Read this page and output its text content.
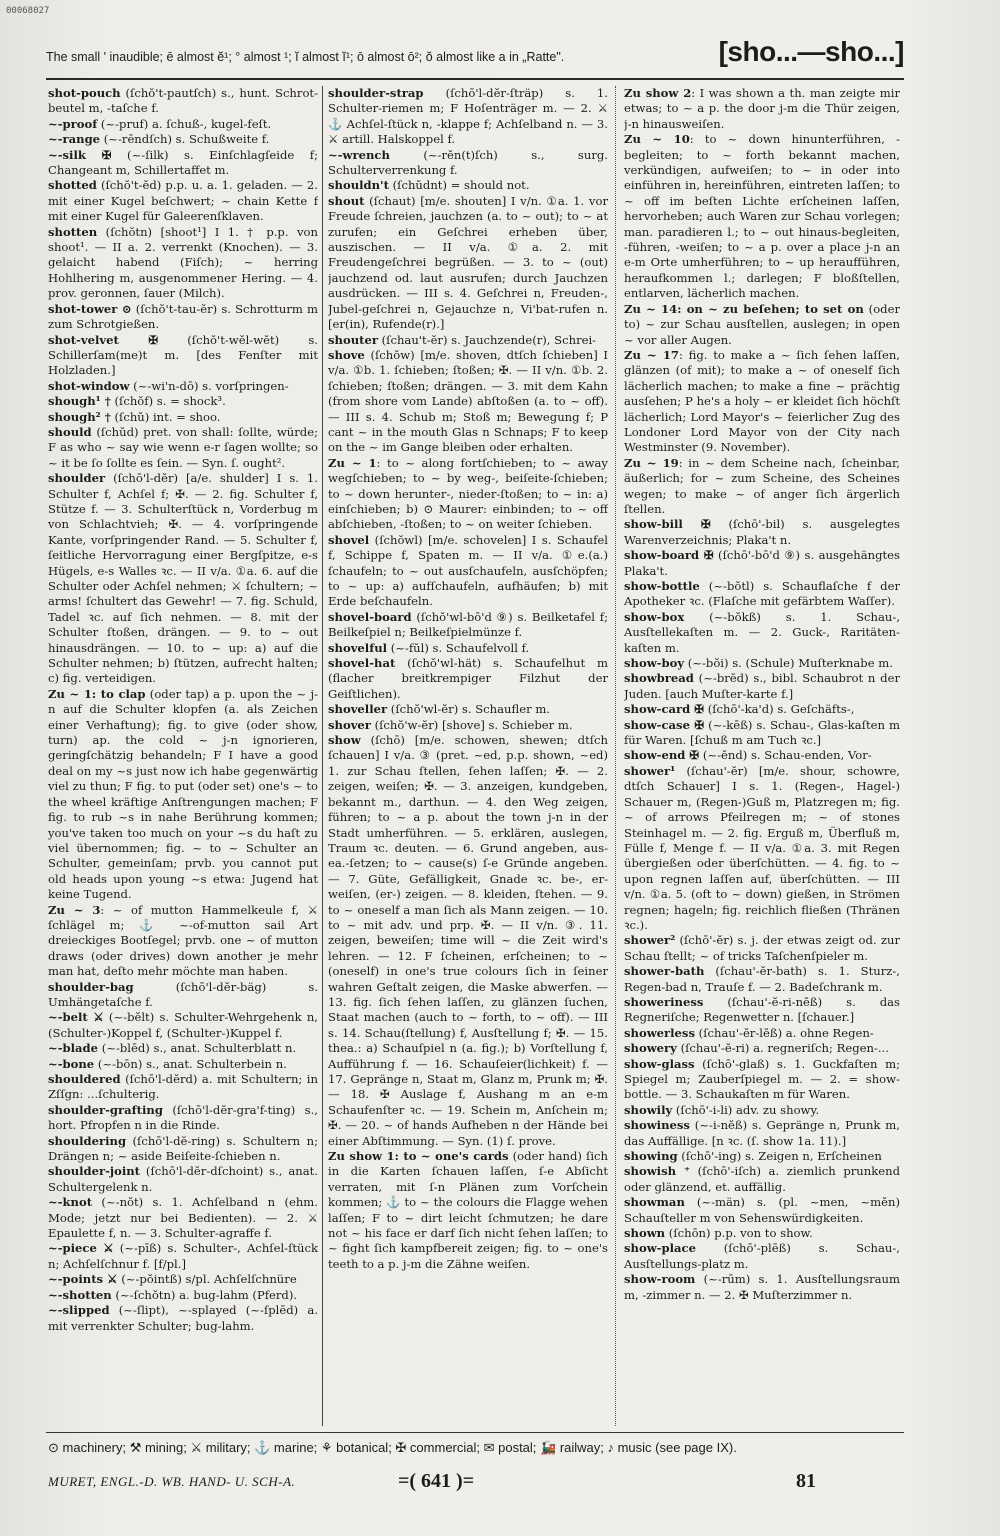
00068027
The small ' inaudible; ē almost ĕ¹; ° almost ¹; ĭ almost ĭ¹; ō almost ō²; ŏ almost like a in „Ratte".	[sho...—sho...]

shot-pouch (ſchŏ't-pautſch) s., hunt. Schrot-beutel m, -taſche f.

~-proof (~-pruf) a. ſchuß-, kugel-feſt.

~-range (~-rēndſch) s. Schußweite f.

~-silk ✠ (~-ſilk) s. Einſchlagſeide f; Changeant m, Schillertaffet m.

shotted (ſchŏ't-ĕd) p.p. u. a. 1. geladen. — 2. mit einer Kugel beſchwert; ~ chain Kette f mit einer Kugel für Galeerenſklaven.

shotten (ſchŏtn) [shoot¹] I 1. † p.p. von shoot¹. — II a. 2. verrenkt (Knochen). — 3. gelaicht habend (Fiſch); ~ herring Hohlhering m, ausgenommener Hering. — 4. prov. geronnen, ſauer (Milch).

shot-tower ⊙ (ſchŏ't-tau-ĕr) s. Schrotturm m zum Schrotgießen.

shot-velvet ✠ (ſchŏ't-wĕl-wĕt) s. Schillerſam(me)t m. [des Fenſter mit Holzladen.]

shot-window (~-wi'n-dō) s. vorſpringen-

shough¹ † (ſchŏf) s. = shock³.

shough² † (ſchŭ) int. = shoo.

should (ſchŭd) pret. von shall: ſollte, würde; F as who ~ say wie wenn e-r ſagen wollte; so ~ it be ſo ſollte es ſein. — Syn. ſ. ought².

shoulder (ſchō'l-dĕr) [a/e. shulder] I s. 1. Schulter f, Achſel f; ✠. — 2. fig. Schulter f, Stütze f. — 3. Schulterſtück n, Vorderbug m von Schlachtvieh; ✠. — 4. vorſpringende Kante, vorſpringender Rand. — 5. Schulter f, ſeitliche Hervorragung einer Bergſpitze, e-s Hügels, e-s Walles ꝛc. — II v/a. ①a. 6. auf die Schulter oder Achſel nehmen; ⚔ ſchultern; ~ arms! ſchultert das Gewehr! — 7. fig. Schuld, Tadel ꝛc. auf ſich nehmen. — 8. mit der Schulter ſtoßen, drängen. — 9. to ~ out hinausdrängen. — 10. to ~ up: a) auf die Schulter nehmen; b) ſtützen, aufrecht halten; c) fig. verteidigen.

Zu ~ 1: to clap (oder tap) a p. upon the ~ j-n auf die Schulter klopfen (a. als Zeichen einer Verhaftung); fig. to give (oder show, turn) ap. the cold ~ j-n ignorieren, geringſchätzig behandeln; F I have a good deal on my ~s just now ich habe gegenwärtig viel zu thun; F fig. to put (oder set) one's ~ to the wheel kräftige Anſtrengungen machen; F fig. to rub ~s in nahe Berührung kommen; you've taken too much on your ~s du haſt zu viel übernommen; fig. ~ to ~ Schulter an Schulter, gemeinſam; prvb. you cannot put old heads upon young ~s etwa: Jugend hat keine Tugend.

Zu ~ 3: ~ of mutton Hammelkeule f, ⚔ ſchlägel m; ⚓ ~-of-mutton sail Art dreieckiges Bootſegel; prvb. one ~ of mutton draws (oder drives) down another je mehr man hat, deſto mehr möchte man haben.

shoulder-bag (ſchō'l-dĕr-bäg) s. Umhängetaſche f.

~-belt ⚔ (~-bĕlt) s. Schulter-Wehrgehenk n, (Schulter-)Koppel f, (Schulter-)Kuppel f.

~-blade (~-blēd) s., anat. Schulterblatt n.

~-bone (~-bōn) s., anat. Schulterbein n.

shouldered (ſchō'l-dĕrd) a. mit Schultern; in Zſſgn: ...ſchulterig.

shoulder-grafting (ſchō'l-dĕr-gra'f-ting) s., hort. Pfropfen n in die Rinde.

shouldering (ſchō'l-dĕ-ring) s. Schultern n; Drängen n; ~ aside Beiſeite-ſchieben n.

shoulder-joint (ſchō'l-dĕr-dſchoint) s., anat. Schultergelenk n.

~-knot (~-nŏt) s. 1. Achſelband n (ehm. Mode; jetzt nur bei Bedienten). — 2. ⚔ Epaulette f, n. — 3. Schulter-agraffe f.

~-piece ⚔ (~-pīß) s. Schulter-, Achſel-ſtück n; Achſelſchnur f. [f/pl.]

~-points ⚔ (~-pŏintß) s/pl. Achſelſchnüre

~-shotten (~-ſchŏtn) a. bug-lahm (Pferd).

~-slipped (~-ſlipt), ~-splayed (~-ſplēd) a. mit verrenkter Schulter; bug-lahm.

shoulder-strap (ſchō'l-dĕr-ſträp) s. 1. Schulter-riemen m; F Hoſenträger m. — 2. ⚔ ⚓ Achſel-ſtück n, -klappe f; Achſelband n. — 3. ⚔ artill. Halskoppel f.

~-wrench (~-rĕn(t)ſch) s., surg. Schulterverrenkung f.

shouldn't (ſchŭdnt) = should not.

shout (ſchaut) [m/e. shouten] I v/n. ①a. 1. vor Freude ſchreien, jauchzen (a. to ~ out); to ~ at zurufen; ein Geſchrei erheben über, auszischen. — II v/a. ①a. 2. mit Freudengeſchrei begrüßen. — 3. to ~ (out) jauchzend od. laut ausrufen; durch Jauchzen ausdrücken. — III s. 4. Geſchrei n, Freuden-, Jubel-geſchrei n, Gejauchze n, Vi'bat-rufen n. [er(in), Rufende(r).]

shouter (ſchau't-ĕr) s. Jauchzende(r), Schrei-

shove (ſchŏw) [m/e. shoven, dtſch ſchieben] I v/a. ①b. 1. ſchieben; ſtoßen; ✠. — II v/n. ①b. 2. ſchieben; ſtoßen; drängen. — 3. mit dem Kahn (from shore vom Lande) abſtoßen (a. to ~ off). — III s. 4. Schub m; Stoß m; Bewegung f; P cant ~ in the mouth Glas n Schnaps; F to keep on the ~ im Gange bleiben oder erhalten.

Zu ~ 1: to ~ along fortſchieben; to ~ away wegſchieben; to ~ by weg-, beiſeite-ſchieben; to ~ down herunter-, nieder-ſtoßen; to ~ in: a) einſchieben; b) ⊙ Maurer: einbinden; to ~ off abſchieben, -ſtoßen; to ~ on weiter ſchieben.

shovel (ſchŏwl) [m/e. schovelen] I s. Schaufel f, Schippe f, Spaten m. — II v/a. ①e.(a.) ſchaufeln; to ~ out ausſchaufeln, ausſchöpfen; to ~ up: a) aufſchaufeln, aufhäufen; b) mit Erde beſchaufeln.

shovel-board (ſchŏ'wl-bō'd ⑨) s. Beilketafel f; Beilkeſpiel n; Beilkeſpielmünze f.

shovelful (~-fŭl) s. Schaufelvoll f.

shovel-hat (ſchŏ'wl-hät) s. Schaufelhut m (flacher breitkrempiger Filzhut der Geiſtlichen).

shoveller (ſchŏ'wl-ĕr) s. Schaufler m.

shover (ſchŏ'w-ĕr) [shove] s. Schieber m.

show (ſchō) [m/e. schowen, shewen; dtſch ſchauen] I v/a. ③ (pret. ~ed, p.p. shown, ~ed) 1. zur Schau ſtellen, ſehen laſſen; ✠. — 2. zeigen, weiſen; ✠. — 3. anzeigen, kundgeben, bekannt m., darthun. — 4. den Weg zeigen, führen; to ~ a p. about the town j-n in der Stadt umherführen. — 5. erklären, auslegen, Traum ꝛc. deuten. — 6. Grund angeben, aus-ea.-ſetzen; to ~ cause(s) ſ-e Gründe angeben. — 7. Güte, Gefälligkeit, Gnade ꝛc. be-, er-weiſen, (er-) zeigen. — 8. kleiden, ſtehen. — 9. to ~ oneself a man ſich als Mann zeigen. — 10. to ~ mit adv. und prp. ✠. — II v/n. ③. 11. zeigen, beweiſen; time will ~ die Zeit wird's lehren. — 12. F ſcheinen, erſcheinen; to ~ (oneself) in one's true colours ſich in ſeiner wahren Geſtalt zeigen, die Maske abwerfen. — 13. fig. ſich ſehen laſſen, zu glänzen ſuchen, Staat machen (auch to ~ forth, to ~ off). — III s. 14. Schau(ſtellung) f, Ausſtellung f; ✠. — 15. thea.: a) Schauſpiel n (a. fig.); b) Vorſtellung f, Aufführung f. — 16. Schauſeier(lichkeit) f. — 17. Gepränge n, Staat m, Glanz m, Prunk m; ✠. — 18. ✠ Auslage f, Aushang m an e-m Schaufenſter ꝛc. — 19. Schein m, Anſchein m; ✠. — 20. ~ of hands Aufheben n der Hände bei einer Abſtimmung. — Syn. (1) ſ. prove.

Zu show 1: to ~ one's cards (oder hand) ſich in die Karten ſchauen laſſen, ſ-e Abſicht verraten, mit ſ-n Plänen zum Vorſchein kommen; ⚓ to ~ the colours die Flagge wehen laſſen; F to ~ dirt leicht ſchmutzen; he dare not ~ his face er darf ſich nicht ſehen laſſen; to ~ fight ſich kampfbereit zeigen; fig. to ~ one's teeth to a p. j-m die Zähne weiſen.

Zu show 2: I was shown a th. man zeigte mir etwas; to ~ a p. the door j-m die Thür zeigen, j-n hinausweiſen.

Zu ~ 10: to ~ down hinunterführen, -begleiten; to ~ forth bekannt machen, verkündigen, aufweiſen; to ~ in oder into einführen in, hereinführen, eintreten laſſen; to ~ off im beſten Lichte erſcheinen laſſen, hervorheben; auch Waren zur Schau vorlegen; man. paradieren l.; to ~ out hinaus-begleiten, -führen, -weiſen; to ~ a p. over a place j-n an e-m Orte umherführen; to ~ up heraufführen, heraufkommen l.; darlegen; F bloßſtellen, entlarven, lächerlich machen.

Zu ~ 14: on ~ zu beſehen; to set on (oder to) ~ zur Schau ausſtellen, auslegen; in open ~ vor aller Augen.

Zu ~ 17: fig. to make a ~ ſich ſehen laſſen, glänzen (of mit); to make a ~ of oneself ſich lächerlich machen; to make a fine ~ prächtig ausſehen; P he's a holy ~ er kleidet ſich höchſt lächerlich; Lord Mayor's ~ feierlicher Zug des Londoner Lord Mayor von der City nach Westminster (9. November).

Zu ~ 19: in ~ dem Scheine nach, ſcheinbar, äußerlich; for ~ zum Scheine, des Scheines wegen; to make ~ of anger ſich ärgerlich ſtellen.

show-bill ✠ (ſchō'-bil) s. ausgelegtes Warenverzeichnis; Plaka't n.

show-board ✠ (ſchō'-bō'd ⑨) s. ausgehängtes Plaka't.

show-bottle (~-bŏtl) s. Schauflaſche f der Apotheker ꝛc. (Flaſche mit gefärbtem Waſſer).

show-box (~-bŏkß) s. 1. Schau-, Ausſtellekaſten m. — 2. Guck-, Raritäten-kaſten m.

show-boy (~-bŏi) s. (Schule) Muſterknabe m.

showbread (~-brĕd) s., bibl. Schaubrot n der Juden. [auch Muſter-karte f.]

show-card ✠ (ſchō'-ka'd) s. Geſchäfts-,

show-case ✠ (~-kēß) s. Schau-, Glas-kaſten m für Waren. [ſchuß m am Tuch ꝛc.]

show-end ✠ (~-ĕnd) s. Schau-enden, Vor-

shower¹ (ſchau'-ĕr) [m/e. shour, schowre, dtſch Schauer] I s. 1. (Regen-, Hagel-) Schauer m, (Regen-)Guß m, Platzregen m; fig. ~ of arrows Pfeilregen m; ~ of stones Steinhagel m. — 2. fig. Erguß m, Überfluß m, Fülle f, Menge f. — II v/a. ①a. 3. mit Regen übergießen oder überſchütten. — 4. fig. to ~ upon regnen laſſen auf, überſchütten. — III v/n. ①a. 5. (oft to ~ down) gießen, in Strömen regnen; hageln; fig. reichlich fließen (Thränen ꝛc.).

shower² (ſchō'-ĕr) s. j. der etwas zeigt od. zur Schau ſtellt; ~ of tricks Taſchenſpieler m.

shower-bath (ſchau'-ĕr-bath) s. 1. Sturz-, Regen-bad n, Trauſe f. — 2. Badeſchrank m.

showeriness (ſchau'-ĕ-ri-nĕß) s. das Regneriſche; Regenwetter n. [ſchauer.]

showerless (ſchau'-ĕr-lĕß) a. ohne Regen-

showery (ſchau'-ĕ-ri) a. regneriſch; Regen-...

show-glass (ſchō'-glaß) s. 1. Guckfaſten m; Spiegel m; Zauberſpiegel m. — 2. = show-bottle. — 3. Schaukaſten m für Waren.

showily (ſchō'-i-li) adv. zu showy.

showiness (~-i-nĕß) s. Gepränge n, Prunk m, das Auffällige. [n ꝛc. (ſ. show 1a. 11).]

showing (ſchō'-ing) s. Zeigen n, Erſcheinen

showish ⁺ (ſchō'-iſch) a. ziemlich prunkend oder glänzend, et. auffällig.

showman (~-män) s. (pl. ~men, ~mĕn) Schauſteller m von Sehenswürdigkeiten.

shown (ſchōn) p.p. von to show.

show-place (ſchō'-plēß) s. Schau-, Ausſtellungs-platz m.

show-room (~-rūm) s. 1. Ausſtellungsraum m, -zimmer n. — 2. ✠ Muſterzimmer n.

⊙ machinery; ⚒ mining; ⚔ military; ⚓ marine; ⚘ botanical; ✠ commercial; ✉ postal; 🚂 railway; ♪ music (see page IX).
MURET, ENGL.-D. WB. HAND- U. SCH-A.	=( 641 )=	81
